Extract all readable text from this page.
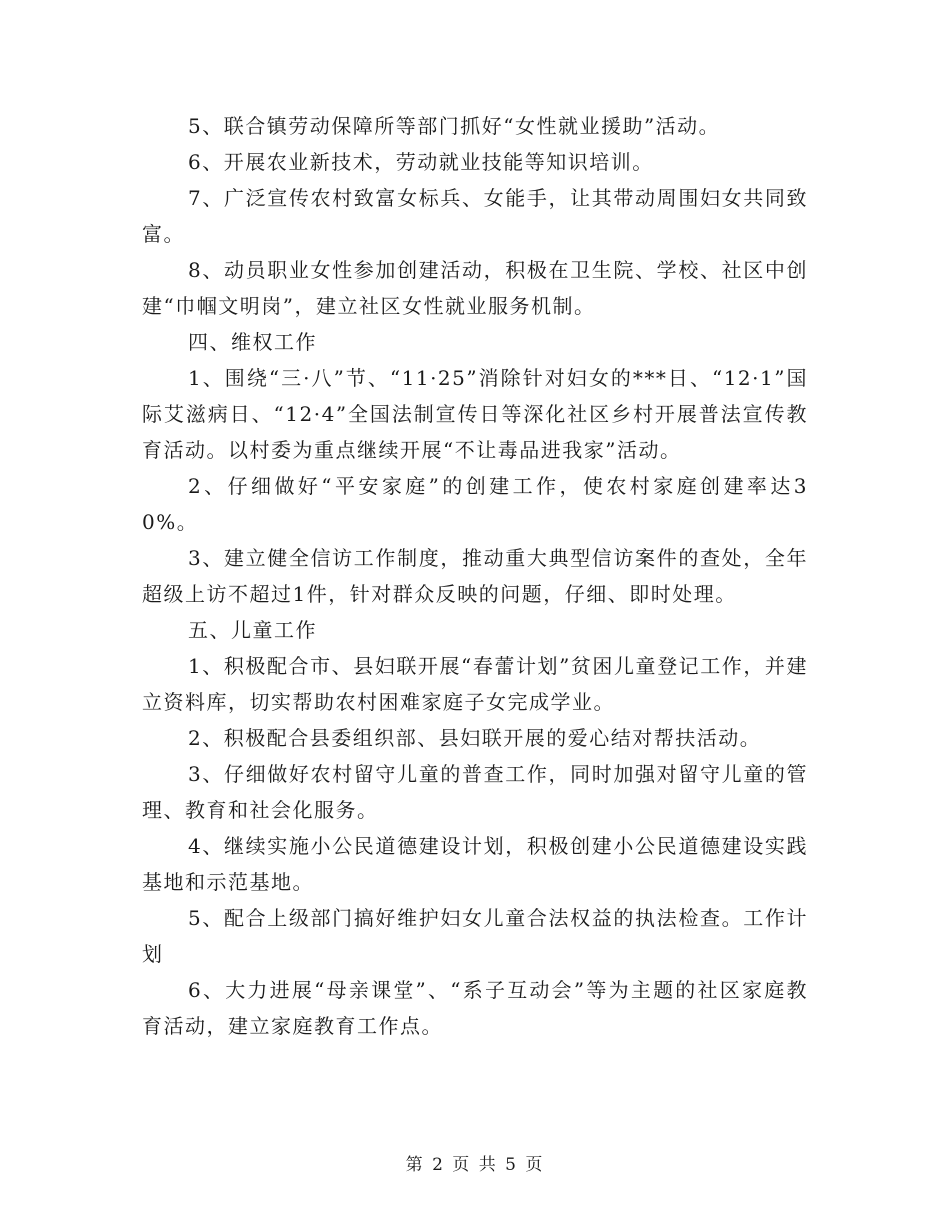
5、联合镇劳动保障所等部门抓好“女性就业援助”活动。

6、开展农业新技术，劳动就业技能等知识培训。

7、广泛宣传农村致富女标兵、女能手，让其带动周围妇女共同致富。

8、动员职业女性参加创建活动，积极在卫生院、学校、社区中创建“巾帼文明岗”，建立社区女性就业服务机制。

四、维权工作

1、围绕“三·八”节、“11·25”消除针对妇女的***日、“12·1”国际艾滋病日、“12·4”全国法制宣传日等深化社区乡村开展普法宣传教育活动。以村委为重点继续开展“不让毒品进我家”活动。

2、仔细做好“平安家庭”的创建工作，使农村家庭创建率达30%。

3、建立健全信访工作制度，推动重大典型信访案件的查处，全年超级上访不超过1件，针对群众反映的问题，仔细、即时处理。

五、儿童工作

1、积极配合市、县妇联开展“春蕾计划”贫困儿童登记工作，并建立资料库，切实帮助农村困难家庭子女完成学业。

2、积极配合县委组织部、县妇联开展的爱心结对帮扶活动。

3、仔细做好农村留守儿童的普查工作，同时加强对留守儿童的管理、教育和社会化服务。

4、继续实施小公民道德建设计划，积极创建小公民道德建设实践基地和示范基地。

5、配合上级部门搞好维护妇女儿童合法权益的执法检查。工作计划

6、大力进展“母亲课堂”、“系子互动会”等为主题的社区家庭教育活动，建立家庭教育工作点。

第 2 页 共 5 页
